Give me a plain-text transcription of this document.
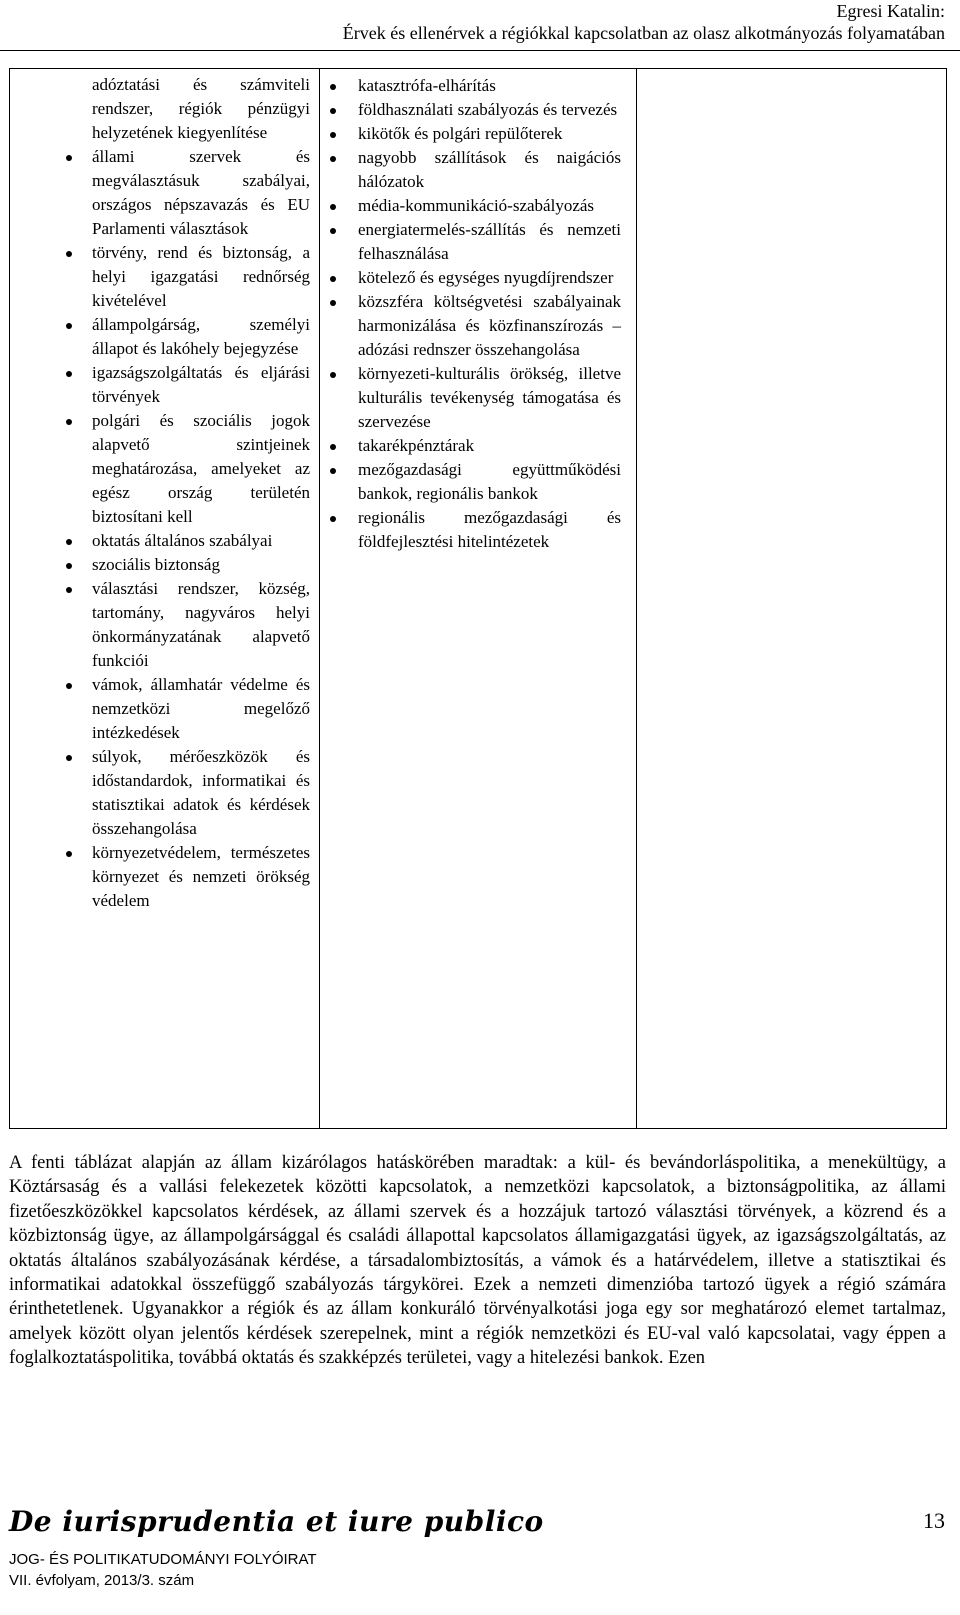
Egresi Katalin:
Érvek és ellenérvek a régiókkal kapcsolatban az olasz alkotmányozás folyamatában
adóztatási és számviteli rendszer, régiók pénzügyi helyzetének kiegyenlítése
állami szervek és megválasztásuk szabályai, országos népszavazás és EU Parlamenti választások
törvény, rend és biztonság, a helyi igazgatási rednőrség kivételével
állampolgárság, személyi állapot és lakóhely bejegyzése
igazságszolgáltatás és eljárási törvények
polgári és szociális jogok alapvető szintjeinek meghatározása, amelyeket az egész ország területén biztosítani kell
oktatás általános szabályai
szociális biztonság
választási rendszer, község, tartomány, nagyváros helyi önkormányzatának alapvető funkciói
vámok, államhatár védelme és nemzetközi megelőző intézkedések
súlyok, mérőeszközök és időstandardok, informatikai és statisztikai adatok és kérdések összehangolása
környezetvédelem, természetes környezet és nemzeti örökség védelem

katasztrófa-elhárítás
földhasználati szabályozás és tervezés
kikötők és polgári repülőterek
nagyobb szállítások és naigációs hálózatok
média-kommunikáció-szabályozás
energiatermelés-szállítás és nemzeti felhasználása
kötelező és egységes nyugdíjrendszer
közszféra költségvetési szabályainak harmonizálása és közfinanszírozás – adózási rednszer összehangolása
környezeti-kulturális örökség, illetve kulturális tevékenység támogatása és szervezése
takarékpénztárak
mezőgazdasági együttműködési bankok, regionális bankok
regionális mezőgazdasági és földfejlesztési hitelintézetek

A fenti táblázat alapján az állam kizárólagos hatáskörében maradtak: a kül- és bevándorláspolitika, a menekültügy, a Köztársaság és a vallási felekezetek közötti kapcsolatok, a nemzetközi kapcsolatok, a biztonságpolitika, az állami fizetőeszközökkel kapcsolatos kérdések, az állami szervek és a hozzájuk tartozó választási törvények, a közrend és a közbiztonság ügye, az állampolgársággal és családi állapottal kapcsolatos államigazgatási ügyek, az igazságszolgáltatás, az oktatás általános szabályozásának kérdése, a társadalombiztosítás, a vámok és a határvédelem, illetve a statisztikai és informatikai adatokkal összefüggő szabályozás tárgykörei. Ezek a nemzeti dimenzióba tartozó ügyek a régió számára érinthetetlenek. Ugyanakkor a régiók és az állam konkuráló törvényalkotási joga egy sor meghatározó elemet tartalmaz, amelyek között olyan jelentős kérdések szerepelnek, mint a régiók nemzetközi és EU-val való kapcsolatai, vagy éppen a foglalkoztatáspolitika, továbbá oktatás és szakképzés területei, vagy a hitelezési bankok. Ezen

De iurisprudentia et iure publico	13
JOG- ÉS POLITIKATUDOMÁNYI FOLYÓIRAT
VII. évfolyam, 2013/3. szám
